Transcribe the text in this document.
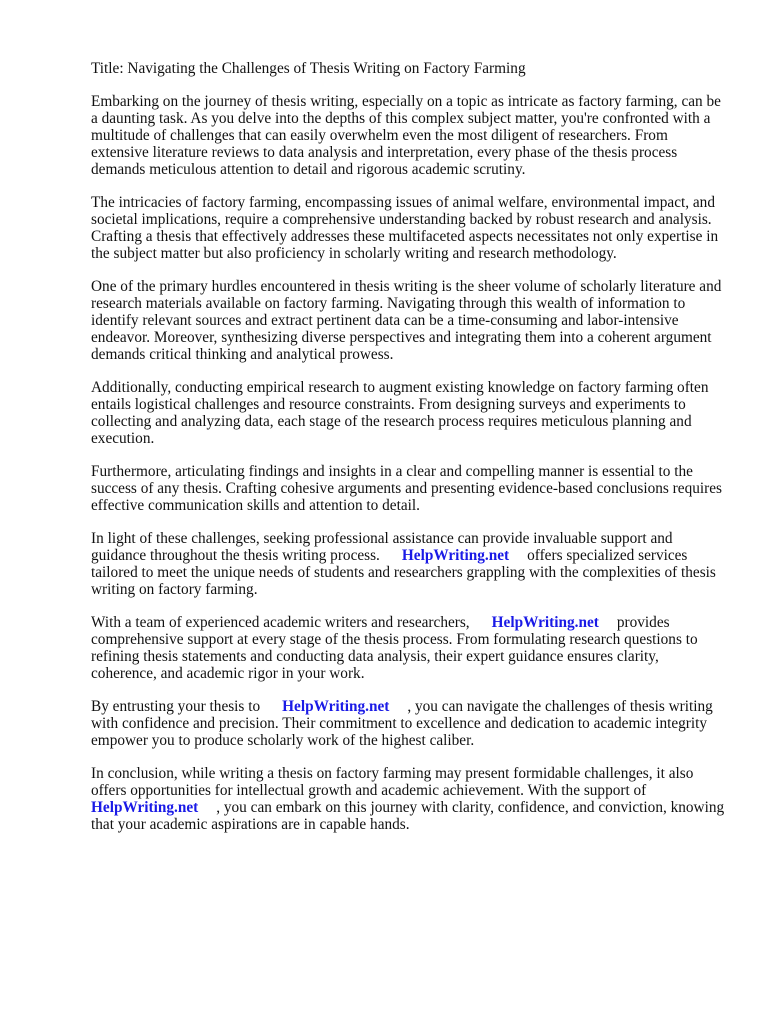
Title: Navigating the Challenges of Thesis Writing on Factory Farming

Embarking on the journey of thesis writing, especially on a topic as intricate as factory farming, can be a daunting task. As you delve into the depths of this complex subject matter, you're confronted with a multitude of challenges that can easily overwhelm even the most diligent of researchers. From extensive literature reviews to data analysis and interpretation, every phase of the thesis process demands meticulous attention to detail and rigorous academic scrutiny.

The intricacies of factory farming, encompassing issues of animal welfare, environmental impact, and societal implications, require a comprehensive understanding backed by robust research and analysis. Crafting a thesis that effectively addresses these multifaceted aspects necessitates not only expertise in the subject matter but also proficiency in scholarly writing and research methodology.

One of the primary hurdles encountered in thesis writing is the sheer volume of scholarly literature and research materials available on factory farming. Navigating through this wealth of information to identify relevant sources and extract pertinent data can be a time-consuming and labor-intensive endeavor. Moreover, synthesizing diverse perspectives and integrating them into a coherent argument demands critical thinking and analytical prowess.

Additionally, conducting empirical research to augment existing knowledge on factory farming often entails logistical challenges and resource constraints. From designing surveys and experiments to collecting and analyzing data, each stage of the research process requires meticulous planning and execution.

Furthermore, articulating findings and insights in a clear and compelling manner is essential to the success of any thesis. Crafting cohesive arguments and presenting evidence-based conclusions requires effective communication skills and attention to detail.

In light of these challenges, seeking professional assistance can provide invaluable support and guidance throughout the thesis writing process. HelpWriting.net offers specialized services tailored to meet the unique needs of students and researchers grappling with the complexities of thesis writing on factory farming.

With a team of experienced academic writers and researchers, HelpWriting.net provides comprehensive support at every stage of the thesis process. From formulating research questions to refining thesis statements and conducting data analysis, their expert guidance ensures clarity, coherence, and academic rigor in your work.

By entrusting your thesis to HelpWriting.net , you can navigate the challenges of thesis writing with confidence and precision. Their commitment to excellence and dedication to academic integrity empower you to produce scholarly work of the highest caliber.

In conclusion, while writing a thesis on factory farming may present formidable challenges, it also offers opportunities for intellectual growth and academic achievement. With the support of HelpWriting.net , you can embark on this journey with clarity, confidence, and conviction, knowing that your academic aspirations are in capable hands.
